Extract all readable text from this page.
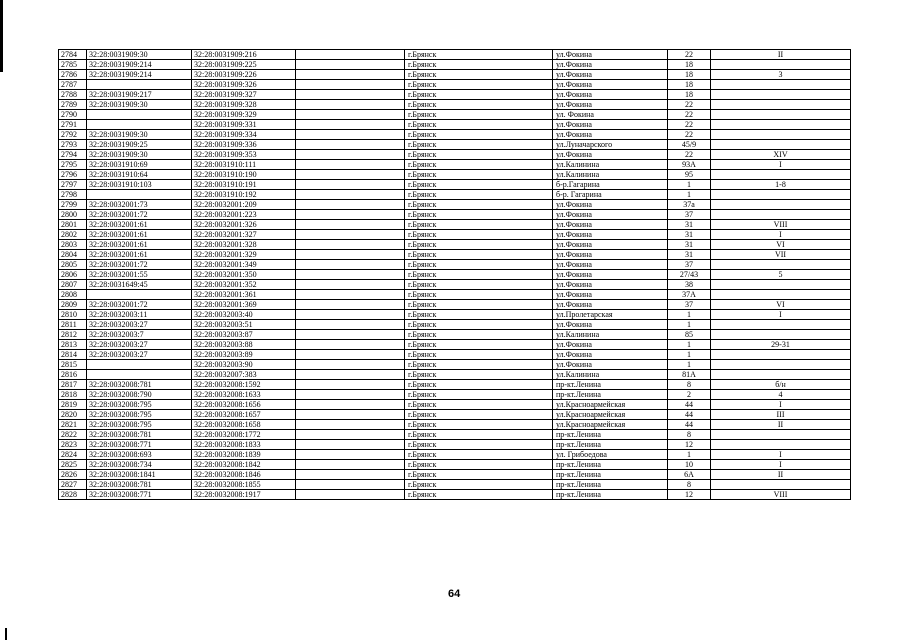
2784	32:28:0031909:30	32:28:0031909:216		г.Брянск	ул.Фокина	22	II
2785	32:28:0031909:214	32:28:0031909:225		г.Брянск	ул.Фокина	18	
2786	32:28:0031909:214	32:28:0031909:226		г.Брянск	ул.Фокина	18	3
2787		32:28:0031909:326		г.Брянск	ул.Фокина	18	
2788	32:28:0031909:217	32:28:0031909:327		г.Брянск	ул.Фокина	18	
2789	32:28:0031909:30	32:28:0031909:328		г.Брянск	ул.Фокина	22	
2790		32:28:0031909:329		г.Брянск	ул. Фокина	22	
2791		32:28:0031909:331		г.Брянск	ул.Фокина	22	
2792	32:28:0031909:30	32:28:0031909:334		г.Брянск	ул.Фокина	22	
2793	32:28:0031909:25	32:28:0031909:336		г.Брянск	ул.Луначарского	45/9	
2794	32:28:0031909:30	32:28:0031909:353		г.Брянск	ул.Фокина	22	XIV
2795	32:28:0031910:69	32:28:0031910:111		г.Брянск	ул.Калинина	93А	I
2796	32:28:0031910:64	32:28:0031910:190		г.Брянск	ул.Калинина	95	
2797	32:28:0031910:103	32:28:0031910:191		г.Брянск	б-р.Гагарина	1	1-8
2798		32:28:0031910:192		г.Брянск	б-р. Гагарина	1	
2799	32:28:0032001:73	32:28:0032001:209		г.Брянск	ул.Фокина	37а	
2800	32:28:0032001:72	32:28:0032001:223		г.Брянск	ул.Фокина	37	
2801	32:28:0032001:61	32:28:0032001:326		г.Брянск	ул.Фокина	31	VIII
2802	32:28:0032001:61	32:28:0032001:327		г.Брянск	ул.Фокина	31	I
2803	32:28:0032001:61	32:28:0032001:328		г.Брянск	ул.Фокина	31	VI
2804	32:28:0032001:61	32:28:0032001:329		г.Брянск	ул.Фокина	31	VII
2805	32:28:0032001:72	32:28:0032001:349		г.Брянск	ул.Фокина	37	
2806	32:28:0032001:55	32:28:0032001:350		г.Брянск	ул.Фокина	27/43	5
2807	32:28:0031649:45	32:28:0032001:352		г.Брянск	ул.Фокина	38	
2808		32:28:0032001:361		г.Брянск	ул.Фокина	37А	
2809	32:28:0032001:72	32:28:0032001:369		г.Брянск	ул.Фокина	37	VI
2810	32:28:0032003:11	32:28:0032003:40		г.Брянск	ул.Пролетарская	1	I
2811	32:28:0032003:27	32:28:0032003:51		г.Брянск	ул.Фокина	1	
2812	32:28:0032003:7	32:28:0032003:87		г.Брянск	ул.Калинина	85	
2813	32:28:0032003:27	32:28:0032003:88		г.Брянск	ул.Фокина	1	29-31
2814	32:28:0032003:27	32:28:0032003:89		г.Брянск	ул.Фокина	1	
2815		32:28:0032003:90		г.Брянск	ул.Фокина	1	
2816		32:28:0032007:383		г.Брянск	ул.Калинина	81А	
2817	32:28:0032008:781	32:28:0032008:1592		г.Брянск	пр-кт.Ленина	8	б/н
2818	32:28:0032008:790	32:28:0032008:1633		г.Брянск	пр-кт.Ленина	2	4
2819	32:28:0032008:795	32:28:0032008:1656		г.Брянск	ул.Красноармейская	44	I
2820	32:28:0032008:795	32:28:0032008:1657		г.Брянск	ул.Красноармейская	44	III
2821	32:28:0032008:795	32:28:0032008:1658		г.Брянск	ул.Красноармейская	44	II
2822	32:28:0032008:781	32:28:0032008:1772		г.Брянск	пр-кт.Ленина	8	
2823	32:28:0032008:771	32:28:0032008:1833		г.Брянск	пр-кт.Ленина	12	
2824	32:28:0032008:693	32:28:0032008:1839		г.Брянск	ул. Грибоедова	1	I
2825	32:28:0032008:734	32:28:0032008:1842		г.Брянск	пр-кт.Ленина	10	I
2826	32:28:0032008:1841	32:28:0032008:1846		г.Брянск	пр-кт.Ленина	6А	II
2827	32:28:0032008:781	32:28:0032008:1855		г.Брянск	пр-кт.Ленина	8	
2828	32:28:0032008:771	32:28:0032008:1917		г.Брянск	пр-кт.Ленина	12	VIII
64
